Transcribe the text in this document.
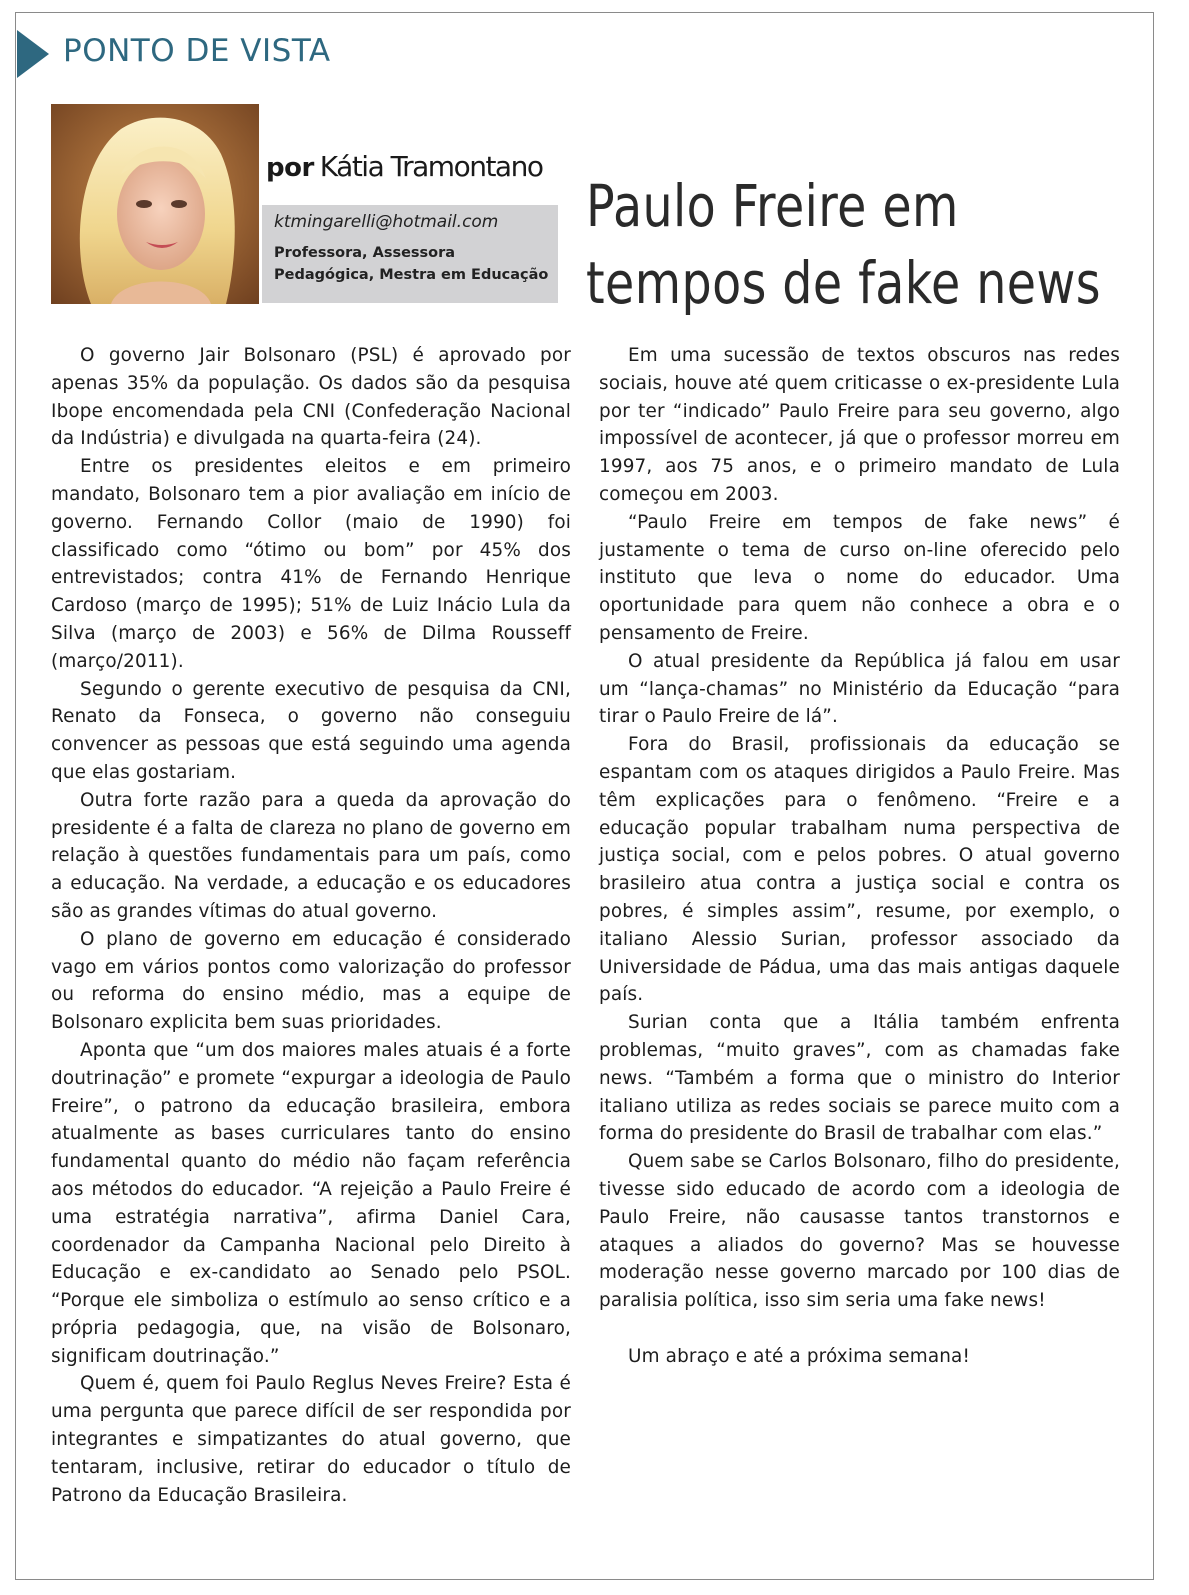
PONTO DE VISTA
por Kátia Tramontano
ktmingarelli@hotmail.com
Professora, Assessora
Pedagógica, Mestra em Educação
Paulo Freire em
tempos de fake news

O governo Jair Bolsonaro (PSL) é aprovado por apenas 35% da população. Os dados são da pesquisa Ibope encomendada pela CNI (Confederação Nacional da Indústria) e divulgada na quarta-feira (24).

Entre os presidentes eleitos e em primeiro mandato, Bolsonaro tem a pior avaliação em início de governo. Fernando Collor (maio de 1990) foi classificado como “ótimo ou bom” por 45% dos entrevistados; contra 41% de Fernando Henrique Cardoso (março de 1995); 51% de Luiz Inácio Lula da Silva (março de 2003) e 56% de Dilma Rousseff (março/2011).

Segundo o gerente executivo de pesquisa da CNI, Renato da Fonseca, o governo não conseguiu convencer as pessoas que está seguindo uma agenda que elas gostariam.

Outra forte razão para a queda da aprovação do presidente é a falta de clareza no plano de governo em relação à questões fundamentais para um país, como a educação. Na verdade, a educação e os educadores são as grandes vítimas do atual governo.

O plano de governo em educação é considerado vago em vários pontos como valorização do professor ou reforma do ensino médio, mas a equipe de Bolsonaro explicita bem suas prioridades.

Aponta que “um dos maiores males atuais é a forte doutrinação” e promete “expurgar a ideologia de Paulo Freire”, o patrono da educação brasileira, embora atualmente as bases curriculares tanto do ensino fundamental quanto do médio não façam referência aos métodos do educador. “A rejeição a Paulo Freire é uma estratégia narrativa”, afirma Daniel Cara, coordenador da Campanha Nacional pelo Direito à Educação e ex-candidato ao Senado pelo PSOL. “Porque ele simboliza o estímulo ao senso crítico e a própria pedagogia, que, na visão de Bolsonaro, significam doutrinação.”

Quem é, quem foi Paulo Reglus Neves Freire? Esta é uma pergunta que parece difícil de ser respondida por integrantes e simpatizantes do atual governo, que tentaram, inclusive, retirar do educador o título de Patrono da Educação Brasileira.

Em uma sucessão de textos obscuros nas redes sociais, houve até quem criticasse o ex-presidente Lula por ter “indicado” Paulo Freire para seu governo, algo impossível de acontecer, já que o professor morreu em 1997, aos 75 anos, e o primeiro mandato de Lula começou em 2003.

“Paulo Freire em tempos de fake news” é justamente o tema de curso on-line oferecido pelo instituto que leva o nome do educador. Uma oportunidade para quem não conhece a obra e o pensamento de Freire.

O atual presidente da República já falou em usar um “lança-chamas” no Ministério da Educação “para tirar o Paulo Freire de lá”.

Fora do Brasil, profissionais da educação se espantam com os ataques dirigidos a Paulo Freire. Mas têm explicações para o fenômeno. “Freire e a educação popular trabalham numa perspectiva de justiça social, com e pelos pobres. O atual governo brasileiro atua contra a justiça social e contra os pobres, é simples assim”, resume, por exemplo, o italiano Alessio Surian, professor associado da Universidade de Pádua, uma das mais antigas daquele país.

Surian conta que a Itália também enfrenta problemas, “muito graves”, com as chamadas fake news. “Também a forma que o ministro do Interior italiano utiliza as redes sociais se parece muito com a forma do presidente do Brasil de trabalhar com elas.”

Quem sabe se Carlos Bolsonaro, filho do presidente, tivesse sido educado de acordo com a ideologia de Paulo Freire, não causasse tantos transtornos e ataques a aliados do governo? Mas se houvesse moderação nesse governo marcado por 100 dias de paralisia política, isso sim seria uma fake news!

Um abraço e até a próxima semana!
